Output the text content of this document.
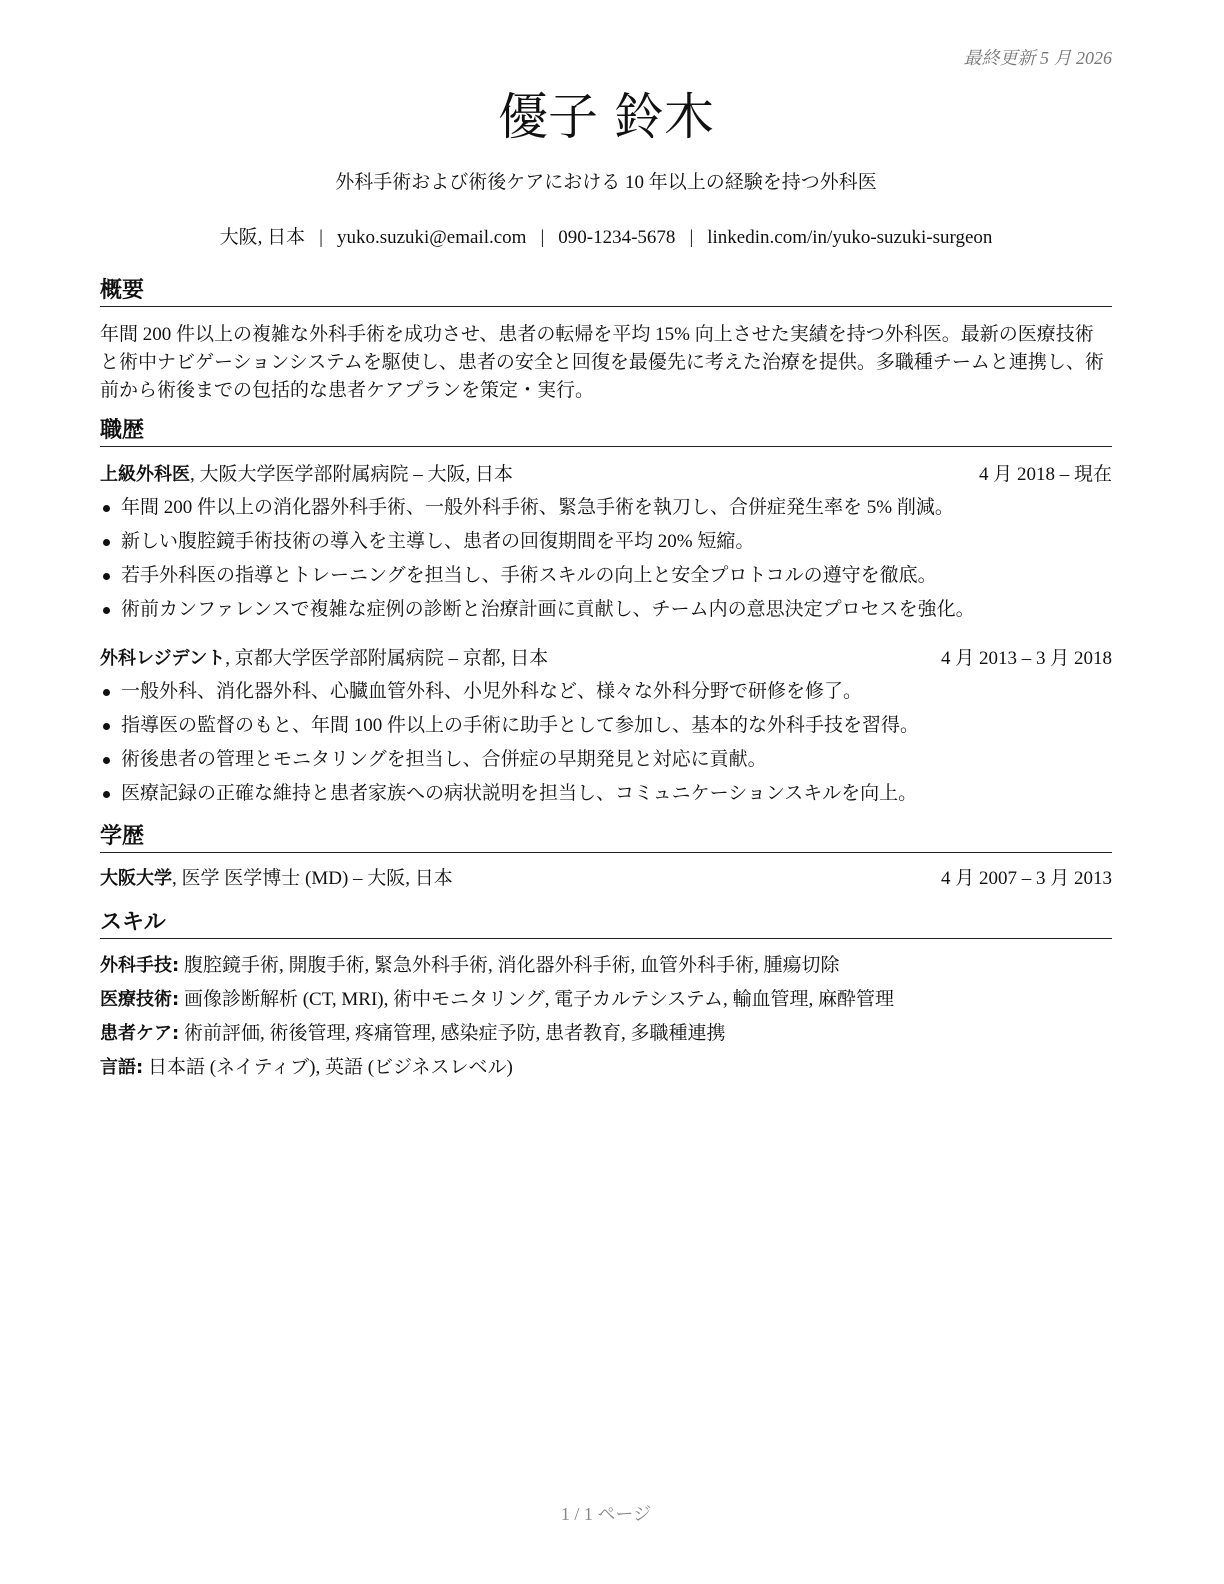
最終更新 5 月 2026
優子 鈴木
外科手術および術後ケアにおける 10 年以上の経験を持つ外科医
大阪, 日本 | yuko.suzuki@email.com | 090-1234-5678 | linkedin.com/in/yuko-suzuki-surgeon
概要
年間 200 件以上の複雑な外科手術を成功させ、患者の転帰を平均 15% 向上させた実績を持つ外科医。最新の医療技術と術中ナビゲーションシステムを駆使し、患者の安全と回復を最優先に考えた治療を提供。多職種チームと連携し、術前から術後までの包括的な患者ケアプランを策定・実行。
職歴
上級外科医, 大阪大学医学部附属病院 – 大阪, 日本	4 月 2018 – 現在
年間 200 件以上の消化器外科手術、一般外科手術、緊急手術を執刀し、合併症発生率を 5% 削減。
新しい腹腔鏡手術技術の導入を主導し、患者の回復期間を平均 20% 短縮。
若手外科医の指導とトレーニングを担当し、手術スキルの向上と安全プロトコルの遵守を徹底。
術前カンファレンスで複雑な症例の診断と治療計画に貢献し、チーム内の意思決定プロセスを強化。
外科レジデント, 京都大学医学部附属病院 – 京都, 日本	4 月 2013 – 3 月 2018
一般外科、消化器外科、心臓血管外科、小児外科など、様々な外科分野で研修を修了。
指導医の監督のもと、年間 100 件以上の手術に助手として参加し、基本的な外科手技を習得。
術後患者の管理とモニタリングを担当し、合併症の早期発見と対応に貢献。
医療記録の正確な維持と患者家族への病状説明を担当し、コミュニケーションスキルを向上。
学歴
大阪大学, 医学 医学博士 (MD) – 大阪, 日本	4 月 2007 – 3 月 2013
スキル
外科手技: 腹腔鏡手術, 開腹手術, 緊急外科手術, 消化器外科手術, 血管外科手術, 腫瘍切除
医療技術: 画像診断解析 (CT, MRI), 術中モニタリング, 電子カルテシステム, 輸血管理, 麻酔管理
患者ケア: 術前評価, 術後管理, 疼痛管理, 感染症予防, 患者教育, 多職種連携
言語: 日本語 (ネイティブ), 英語 (ビジネスレベル)
1 / 1 ページ
